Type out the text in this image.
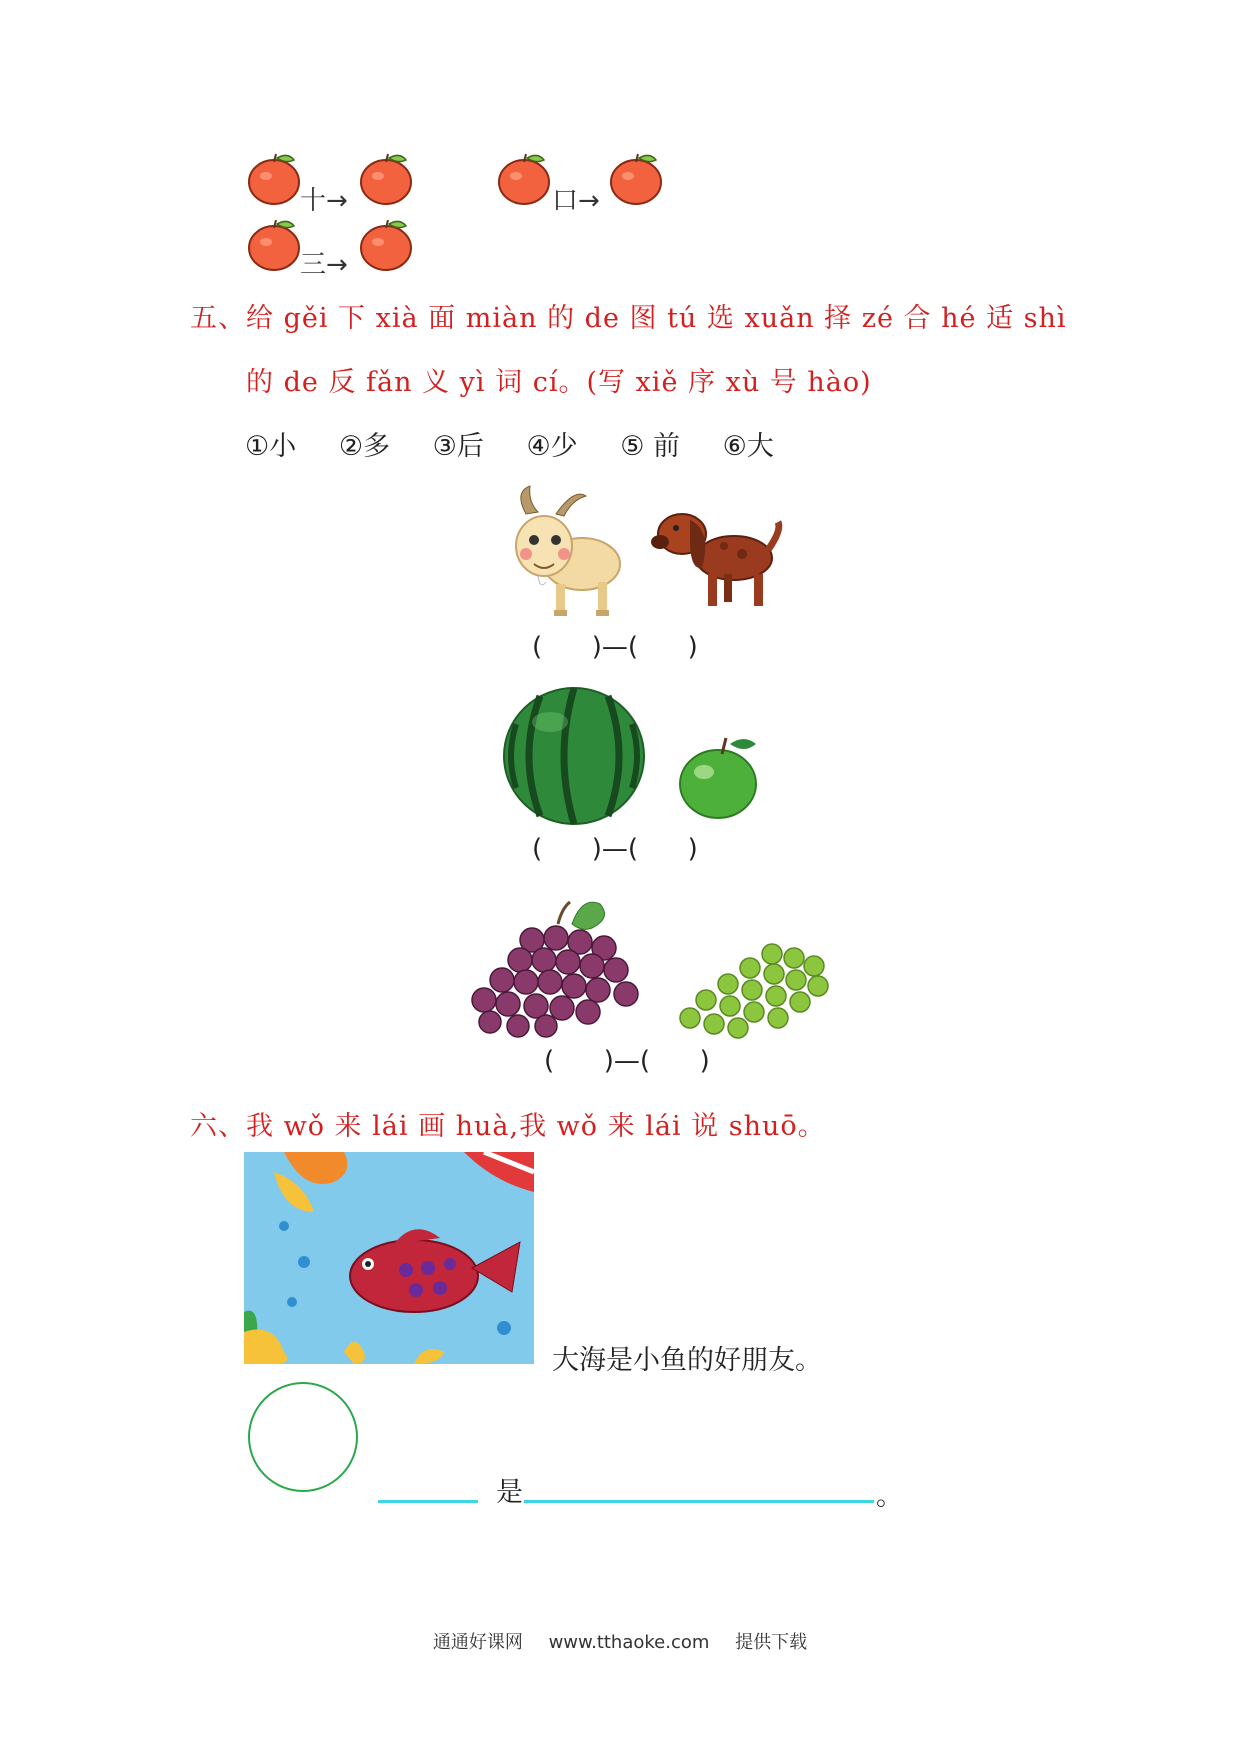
十→	口→
三→
五、给 gěi 下 xià 面 miàn 的 de 图 tú 选 xuǎn 择 zé 合 hé 适 shì
的 de 反 fǎn 义 yì 词 cí。(写 xiě 序 xù 号 hào)
①小 ②多 ③后 ④少 ⑤ 前 ⑥大
(      )—(      )
(      )—(      )
(      )—(      )
六、我 wǒ 来 lái 画 huà,我 wǒ 来 lái 说 shuō。
大海是小鱼的好朋友。
是	。
通通好课网 www.tthaoke.com 提供下载
